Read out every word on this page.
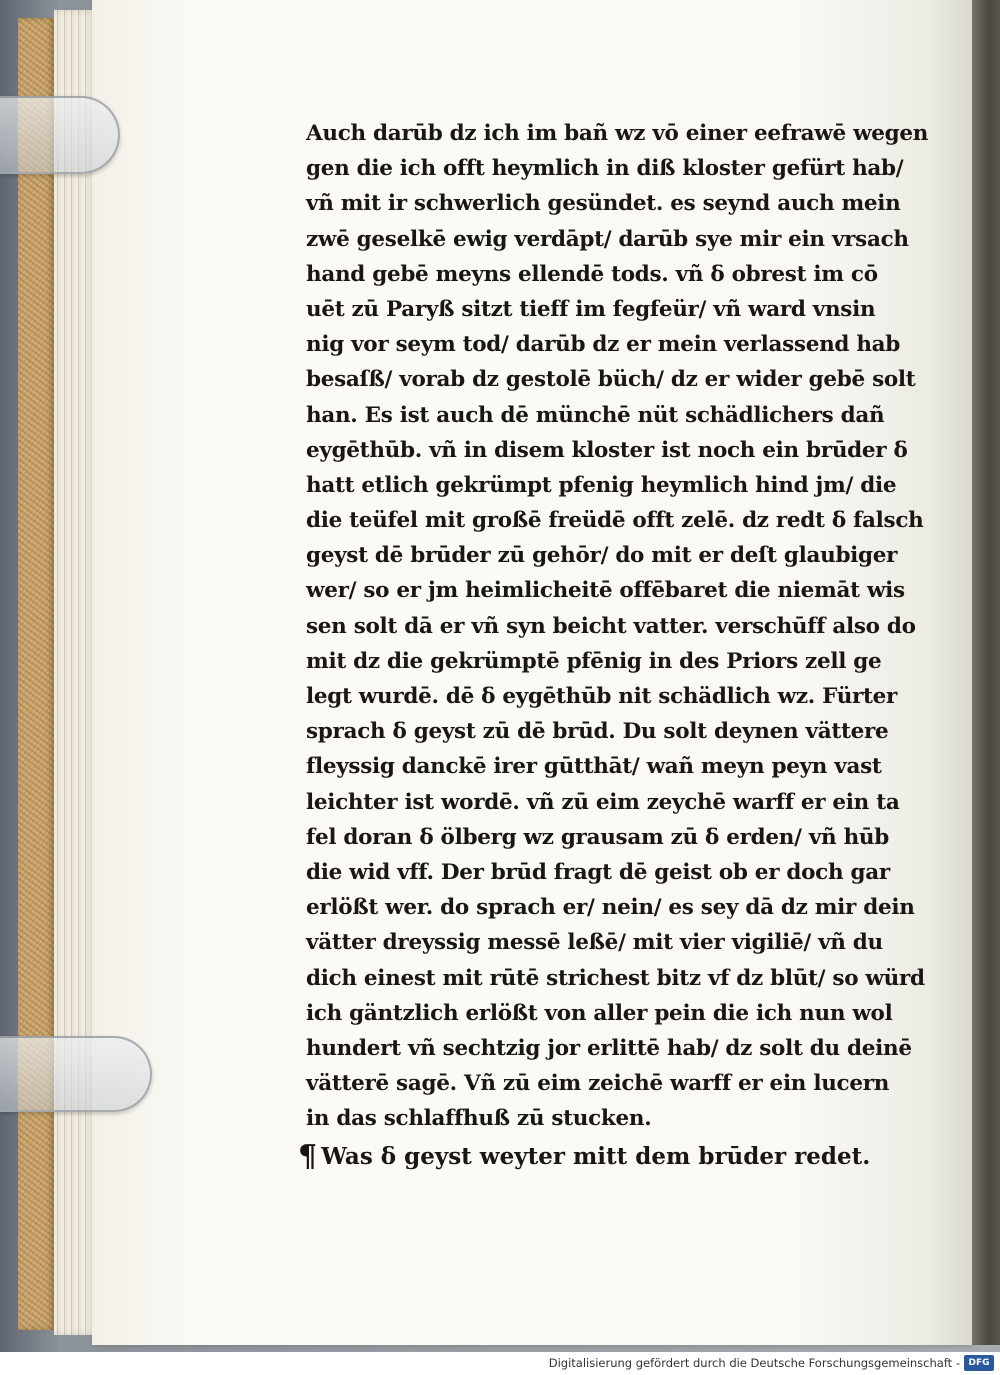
Auch darūb dz ich im bañ wz vō einer eefrawē wegen
gen die ich offt heymlich in diß kloster gefürt hab/
vñ mit ir schwerlich gesündet. es seynd auch mein
zwē geselkē ewig verdāpt/ darūb sye mir ein vrsach
hand gebē meyns ellendē tods. vñ ẟ obrest im cō
uēt zū Paryß sitzt tieff im fegfeür/ vñ ward vnsin
nig vor seym tod/ darūb dz er mein verlassend hab
besaſß/ vorab dz gestolē büch/ dz er wider gebē solt
han. Es ist auch dē münchē nüt schädlichers dañ
eygēthūb. vñ in disem kloster ist noch ein brūder ẟ
hatt etlich gekrümpt pfenig heymlich hind jm/ die
die teüfel mit großē freüdē offt zelē. dz redt ẟ falsch
geyst dē brūder zū gehōr/ do mit er deſt glaubiger
wer/ so er jm heimlicheitē offēbaret die niemāt wis
sen solt dā er vñ syn beicht vatter. verschūff also do
mit dz die gekrümptē pfēnig in des Priors zell ge
legt wurdē. dē ẟ eygēthūb nit schädlich wz. Fürter
sprach ẟ geyst zū dē brūd. Du solt deynen vättere
fleyssig danckē irer gūtthāt/ wañ meyn peyn vast
leichter ist wordē. vñ zū eim zeychē warff er ein ta
fel doran ẟ ölberg wz grausam zū ẟ erden/ vñ hūb
die wid vff. Der brūd fragt dē geist ob er doch gar
erlößt wer. do sprach er/ nein/ es sey dā dz mir dein
vätter dreyssig messē leßē/ mit vier vigiliē/ vñ du
dich einest mit rūtē strichest bitz vf dz blūt/ so würd
ich gäntzlich erlößt von aller pein die ich nun wol
hundert vñ sechtzig jor erlittē hab/ dz solt du deinē
vätterē sagē. Vñ zū eim zeichē warff er ein lucern
in das schlaffhuß zū stucken.
¶ Was ẟ geyst weyter mitt dem brūder redet.
Digitalisierung gefördert durch die Deutsche Forschungsgemeinschaft - DFG
